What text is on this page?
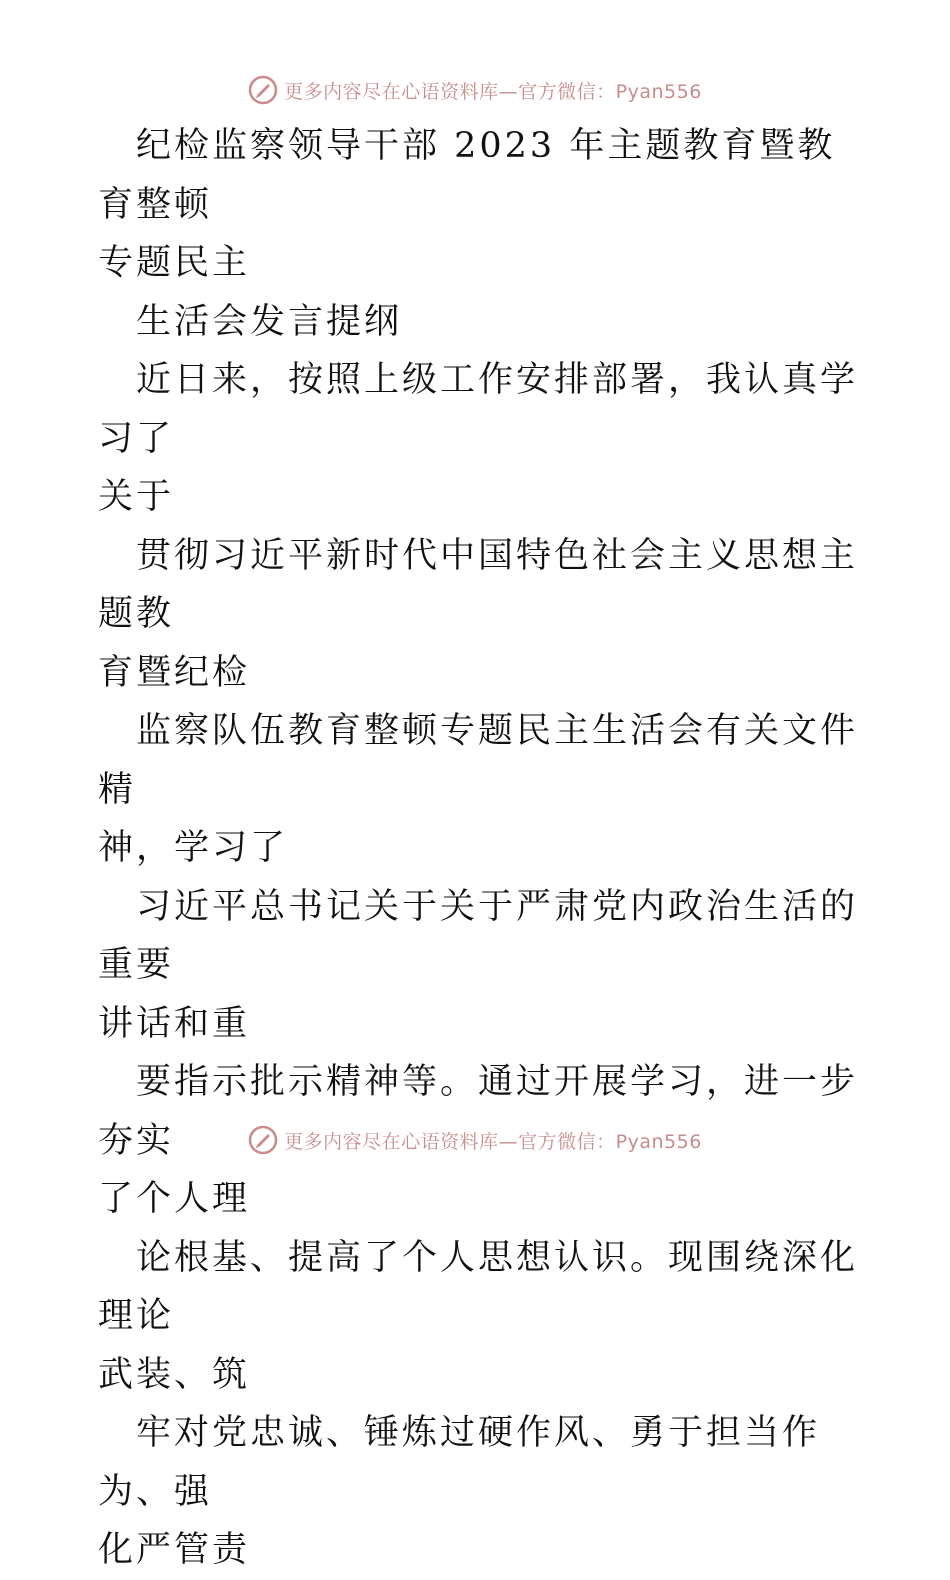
更多内容尽在心语资料库—官方微信：Pyan556

纪检监察领导干部 2023 年主题教育暨教育整顿
专题民主

生活会发言提纲

近日来，按照上级工作安排部署，我认真学习了
关于

贯彻习近平新时代中国特色社会主义思想主题教
育暨纪检

监察队伍教育整顿专题民主生活会有关文件精
神，学习了

习近平总书记关于关于严肃党内政治生活的重要
讲话和重

要指示批示精神等。通过开展学习，进一步夯实
了个人理

论根基、提高了个人思想认识。现围绕深化理论
武装、筑

牢对党忠诚、锤炼过硬作风、勇于担当作为、强
化严管责

更多内容尽在心语资料库—官方微信：Pyan556
